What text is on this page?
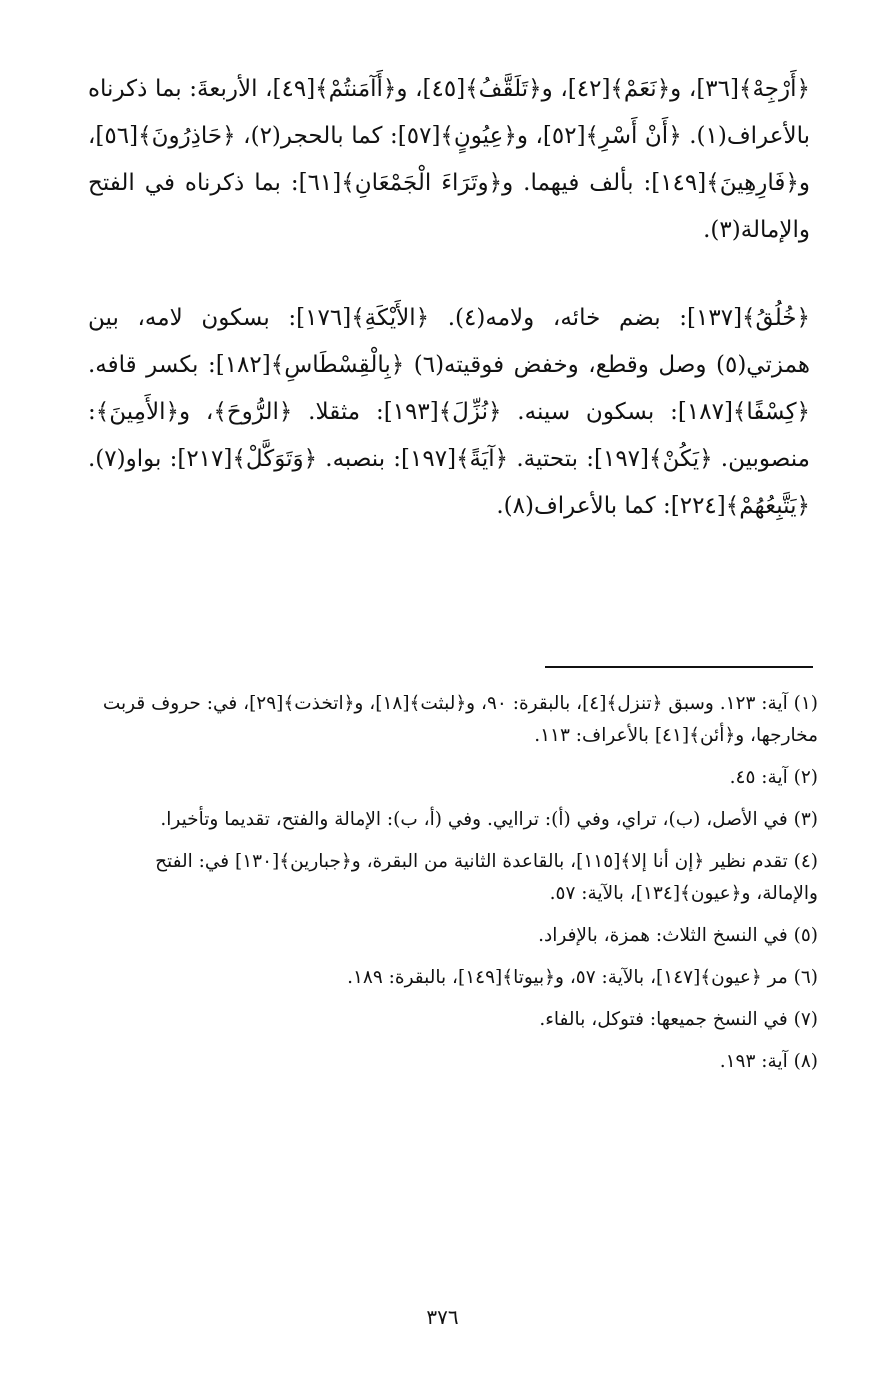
﴿أَرْجِهْ﴾[٣٦]، و﴿نَعَمْ﴾[٤٢]، و﴿تَلَقَّفُ﴾[٤٥]، و﴿أَآمَنتُمْ﴾[٤٩]، الأربعةَ: بما ذكرناه بالأعراف(١). ﴿أَنْ أَسْرِ﴾[٥٢]، و﴿عِيُونٍ﴾[٥٧]: كما بالحجر(٢)، ﴿حَاذِرُونَ﴾[٥٦]، و﴿فَارِهِينَ﴾[١٤٩]: بألف فيهما. و﴿وتَرَاءَ الْجَمْعَانِ﴾[٦١]: بما ذكرناه في الفتح والإمالة(٣).

﴿خُلُقُ﴾[١٣٧]: بضم خائه، ولامه(٤). ﴿الأَيْكَةِ﴾[١٧٦]: بسكون لامه، بين همزتي(٥) وصل وقطع، وخفض فوقيته(٦) ﴿بِالْقِسْطَاسِ﴾[١٨٢]: بكسر قافه. ﴿كِسْفًا﴾[١٨٧]: بسكون سينه. ﴿نُزِّلَ﴾[١٩٣]: مثقلا. ﴿الرُّوحَ﴾، و﴿الأَمِينَ﴾: منصوبين. ﴿يَكُنْ﴾[١٩٧]: بتحتية. ﴿آيَةً﴾[١٩٧]: بنصبه. ﴿وَتَوَكَّلْ﴾[٢١٧]: بواو(٧). ﴿يَتَّبِعُهُمْ﴾[٢٢٤]: كما بالأعراف(٨).

(١) آية: ١٢٣. وسبق ﴿تنزل﴾[٤]، بالبقرة: ٩٠، و﴿لبثت﴾[١٨]، و﴿اتخذت﴾[٢٩]، في: حروف قربت مخارجها، و﴿أئن﴾[٤١] بالأعراف: ١١٣.

(٢) آية: ٤٥.

(٣) في الأصل، (ب)، تراي، وفي (أ): تراايي. وفي (أ، ب): الإمالة والفتح، تقديما وتأخيرا.

(٤) تقدم نظير ﴿إن أنا إلا﴾[١١٥]، بالقاعدة الثانية من البقرة، و﴿جبارين﴾[١٣٠] في: الفتح والإمالة، و﴿عيون﴾[١٣٤]، بالآية: ٥٧.

(٥) في النسخ الثلاث: همزة، بالإفراد.

(٦) مر ﴿عيون﴾[١٤٧]، بالآية: ٥٧، و﴿بيوتا﴾[١٤٩]، بالبقرة: ١٨٩.

(٧) في النسخ جميعها: فتوكل، بالفاء.

(٨) آية: ١٩٣.

٣٧٦
